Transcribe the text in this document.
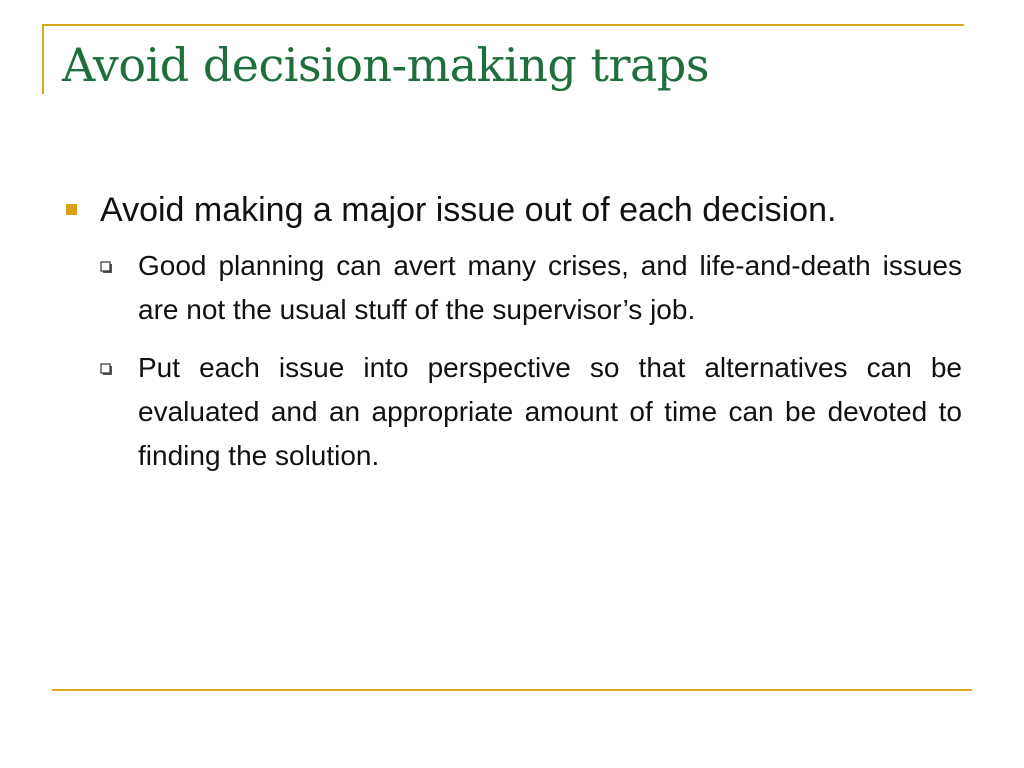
Avoid decision-making traps
Avoid making a major issue out of each decision.
Good planning can avert many crises, and life-and-death issues are not the usual stuff of the supervisor’s job.
Put each issue into perspective so that alternatives can be evaluated and an appropriate amount of time can be devoted to finding the solution.
